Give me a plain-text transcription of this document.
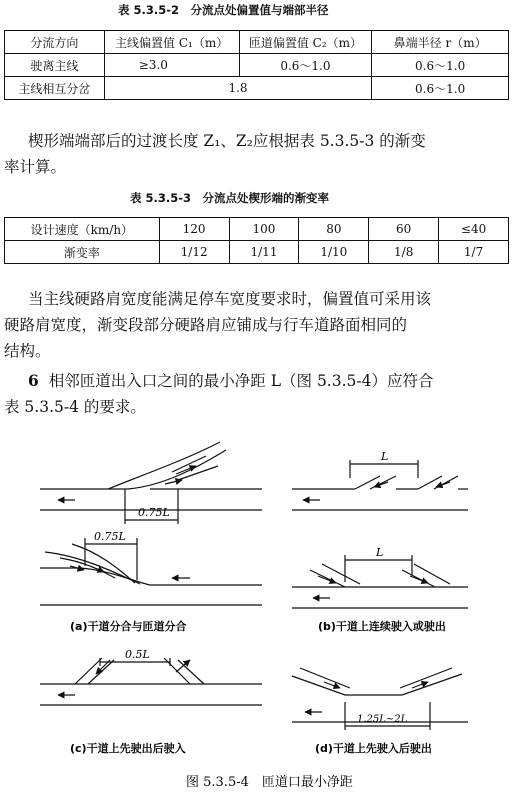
表 5.3.5-2　分流点处偏置值与端部半径
分流方向	主线偏置值 C₁（m）	匝道偏置值 C₂（m）	鼻端半径 r（m）
驶离主线	≥3.0	0.6～1.0	0.6～1.0
主线相互分岔	1.8		0.6～1.0
楔形端端部后的过渡长度 Z₁、Z₂应根据表 5.3.5-3 的渐变
率计算。
表 5.3.5-3　分流点处楔形端的渐变率
设计速度（km/h）	120	100	80	60	≤40
渐变率	1/12	1/11	1/10	1/8	1/7
当主线硬路肩宽度能满足停车宽度要求时，偏置值可采用该
硬路肩宽度，渐变段部分硬路肩应铺成与行车道路面相同的
结构。
6 相邻匝道出入口之间的最小净距 L（图 5.3.5-4）应符合
表 5.3.5-4 的要求。
0.75L
0.75L
L
L
0.5L
1.25L~2L
(a)干道分合与匝道分合	(b)干道上连续驶入或驶出
(c)干道上先驶出后驶入	(d)干道上先驶入后驶出
图 5.3.5-4　匝道口最小净距
